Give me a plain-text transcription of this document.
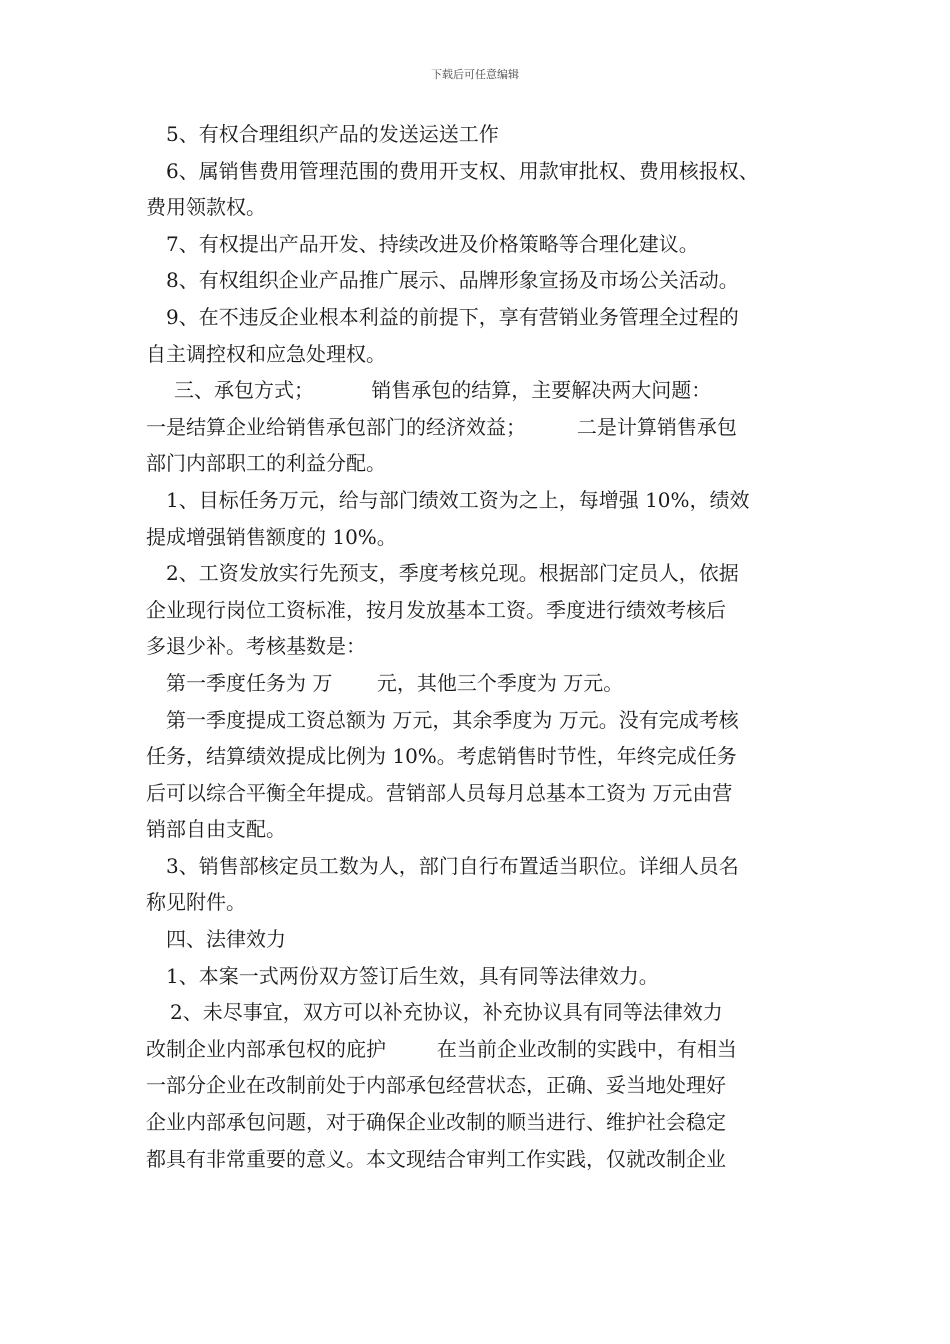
下载后可任意编辑
5、有权合理组织产品的发送运送工作
6、属销售费用管理范围的费用开支权、用款审批权、费用核报权、
费用领款权。
7、有权提出产品开发、持续改进及价格策略等合理化建议。
8、有权组织企业产品推广展示、品牌形象宣扬及市场公关活动。
9、在不违反企业根本利益的前提下，享有营销业务管理全过程的
自主调控权和应急处理权。
三、承包方式；         销售承包的结算，主要解决两大问题：
一是结算企业给销售承包部门的经济效益；        二是计算销售承包
部门内部职工的利益分配。
1、目标任务万元，给与部门绩效工资为之上，每增强 10%，绩效
提成增强销售额度的 10%。
2、工资发放实行先预支，季度考核兑现。根据部门定员人，依据
企业现行岗位工资标准，按月发放基本工资。季度进行绩效考核后
多退少补。考核基数是：
第一季度任务为 万       元，其他三个季度为 万元。
第一季度提成工资总额为 万元，其余季度为 万元。没有完成考核
任务，结算绩效提成比例为 10%。考虑销售时节性，年终完成任务
后可以综合平衡全年提成。营销部人员每月总基本工资为 万元由营
销部自由支配。
3、销售部核定员工数为人，部门自行布置适当职位。详细人员名
称见附件。
四、法律效力
1、本案一式两份双方签订后生效，具有同等法律效力。
2、未尽事宜，双方可以补充协议，补充协议具有同等法律效力
改制企业内部承包权的庇护        在当前企业改制的实践中，有相当
一部分企业在改制前处于内部承包经营状态，正确、妥当地处理好
企业内部承包问题，对于确保企业改制的顺当进行、维护社会稳定
都具有非常重要的意义。本文现结合审判工作实践，仅就改制企业
